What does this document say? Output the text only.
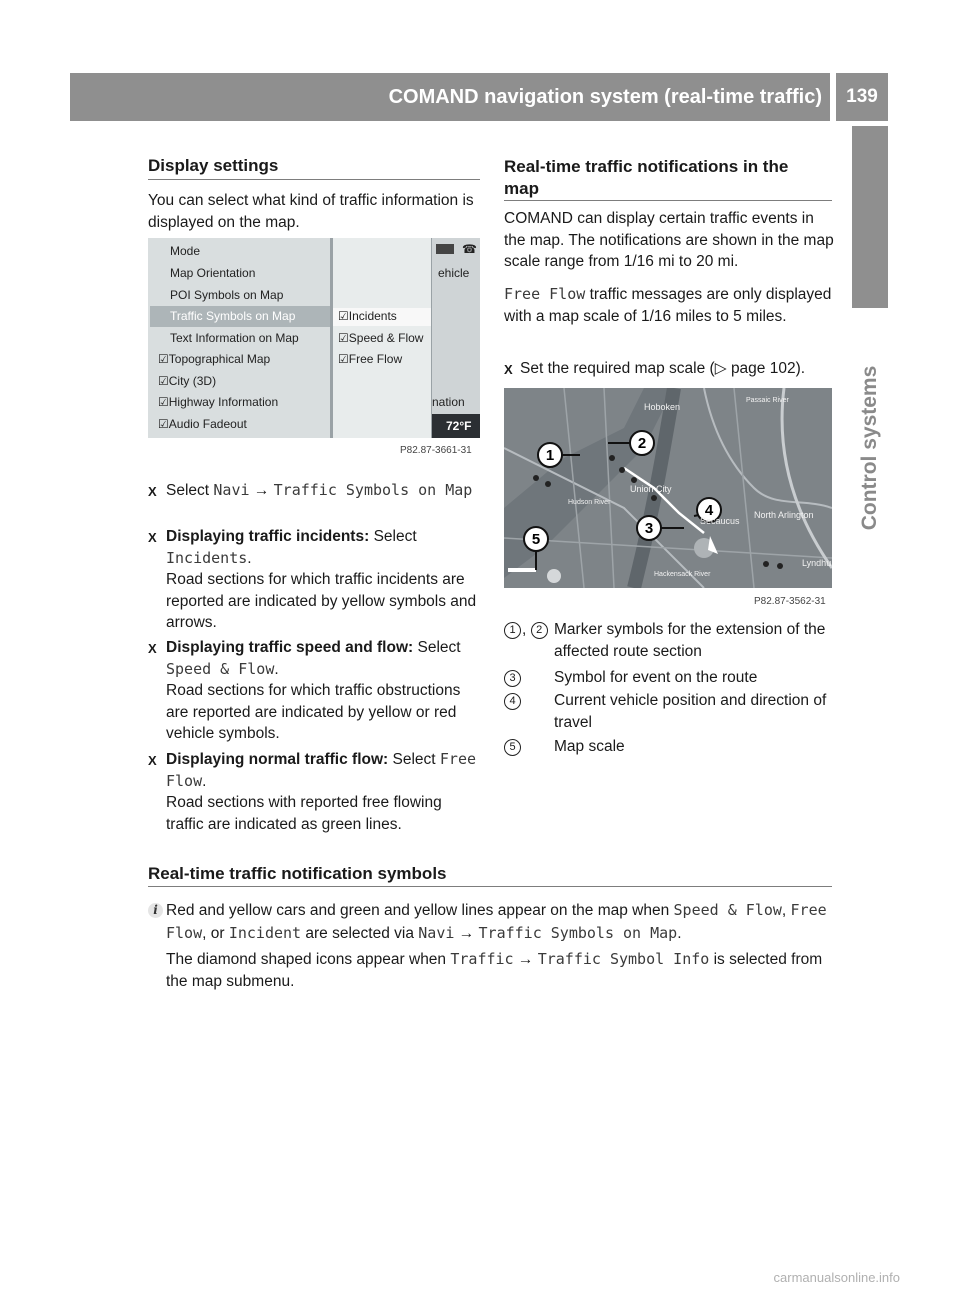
COMAND navigation system (real-time traffic)	139
Control systems
Display settings

You can select what kind of traffic information is displayed on the map.

Mode
Map Orientation
POI Symbols on Map
Traffic Symbols on Map
Text Information on Map
☑Topographical Map
☑City (3D)
☑Highway Information
☑Audio Fadeout
☑Incidents
☑Speed & Flow
☑Free Flow
ehicle
nation
72°F
☎
P82.87-3661-31
X Select Navi → Traffic Symbols on Map
X Displaying traffic incidents: Select Incidents.
Road sections for which traffic incidents are reported are indicated by yellow symbols and arrows.
X Displaying traffic speed and flow: Select Speed & Flow.
Road sections for which traffic obstructions are reported are indicated by yellow or red vehicle symbols.
X Displaying normal traffic flow: Select Free Flow.
Road sections with reported free flowing traffic are indicated as green lines.
Real-time traffic notifications in the map

COMAND can display certain traffic events in the map. The notifications are shown in the map scale range from 1/16 mi to 20 mi.

Free Flow traffic messages are only displayed with a map scale of 1/16 miles to 5 miles.

X Set the required map scale (▷ page 102).
1
2
3
4
5
Hoboken
Union City
Secaucus
North Arlington
Lyndhu
Hackensack River
Hudson River
Passaic River
P82.87-3562-31
1 , 2 Marker symbols for the extension of the affected route section
3	Symbol for event on the route
4	Current vehicle position and direction of travel
5	Map scale
Real-time traffic notification symbols
i Red and yellow cars and green and yellow lines appear on the map when Speed & Flow, Free Flow, or Incident are selected via Navi → Traffic Symbols on Map.
The diamond shaped icons appear when Traffic → Traffic Symbol Info is selected from the map submenu.
carmanualsonline.info
